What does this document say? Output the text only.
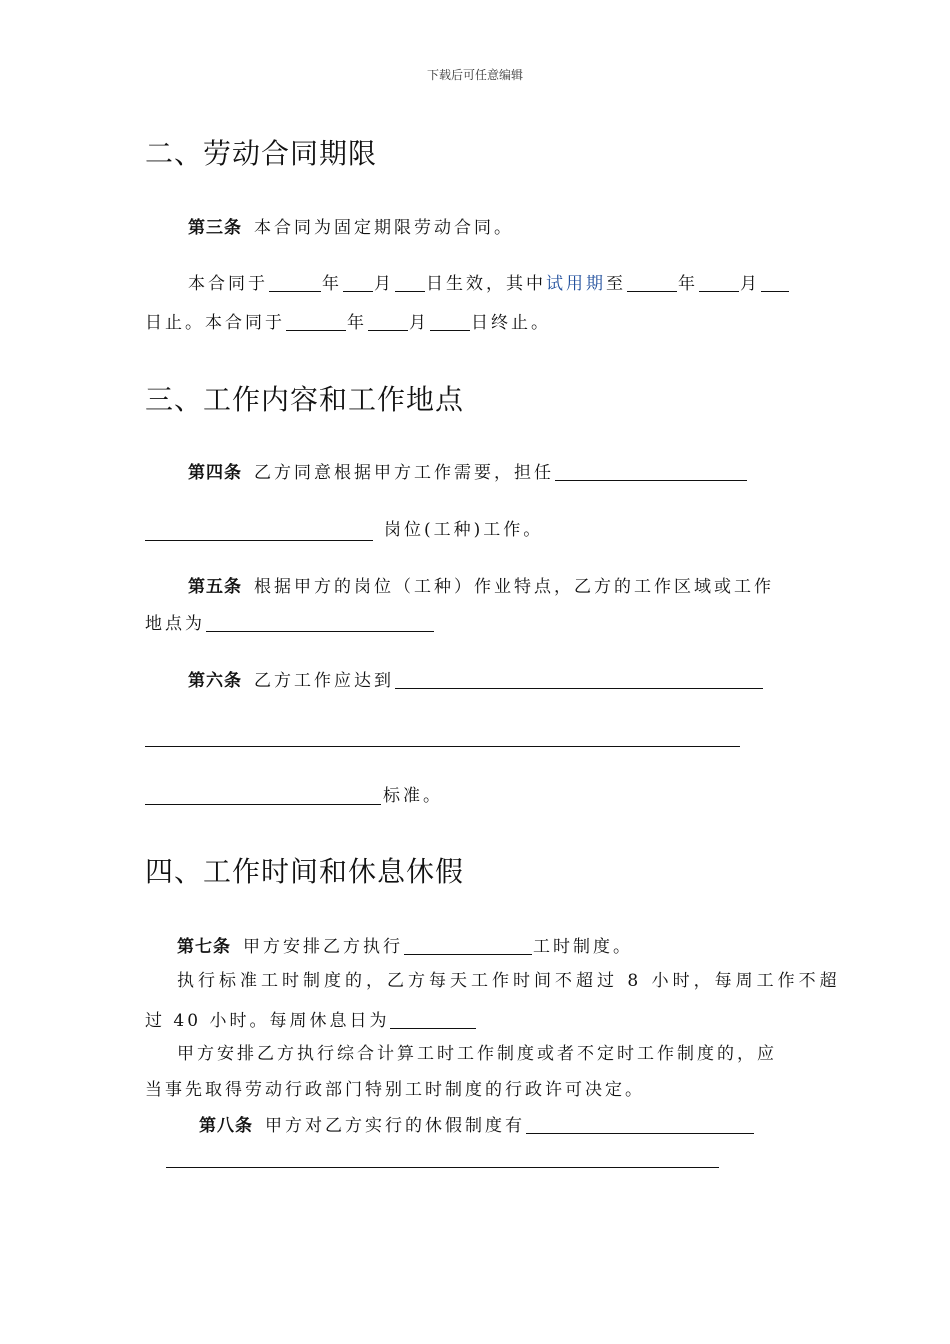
下载后可任意编辑
二、劳动合同期限
第三条 本合同为固定期限劳动合同。
本合同于	年 月 日生效，其中试用期至	年 月
日止。本合同于	年 月 日终止。
三、工作内容和工作地点
第四条 乙方同意根据甲方工作需要，担任
岗位(工种)工作。
第五条 根据甲方的岗位（工种）作业特点，乙方的工作区域或工作
地点为
第六条 乙方工作应达到
标准。
四、工作时间和休息休假
第七条 甲方安排乙方执行	工时制度。
执行标准工时制度的，乙方每天工作时间不超过 8 小时，每周工作不超
过 40 小时。每周休息日为
甲方安排乙方执行综合计算工时工作制度或者不定时工作制度的，应
当事先取得劳动行政部门特别工时制度的行政许可决定。
第八条 甲方对乙方实行的休假制度有
